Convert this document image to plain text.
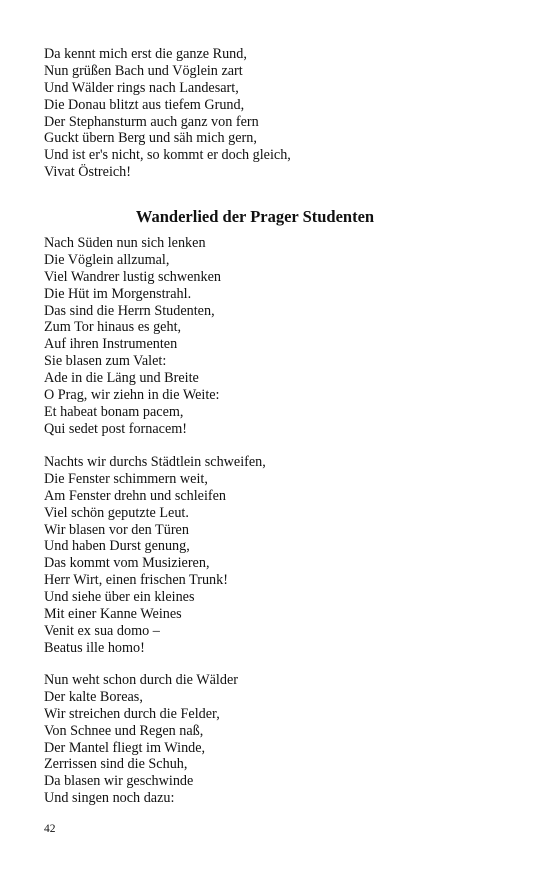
Da kennt mich erst die ganze Rund,
Nun grüßen Bach und Vöglein zart
Und Wälder rings nach Landesart,
Die Donau blitzt aus tiefem Grund,
Der Stephansturm auch ganz von fern
Guckt übern Berg und säh mich gern,
Und ist er's nicht, so kommt er doch gleich,
Vivat Östreich!
Wanderlied der Prager Studenten
Nach Süden nun sich lenken
Die Vöglein allzumal,
Viel Wandrer lustig schwenken
Die Hüt im Morgenstrahl.
Das sind die Herrn Studenten,
Zum Tor hinaus es geht,
Auf ihren Instrumenten
Sie blasen zum Valet:
Ade in die Läng und Breite
O Prag, wir ziehn in die Weite:
Et habeat bonam pacem,
Qui sedet post fornacem!
Nachts wir durchs Städtlein schweifen,
Die Fenster schimmern weit,
Am Fenster drehn und schleifen
Viel schön geputzte Leut.
Wir blasen vor den Türen
Und haben Durst genung,
Das kommt vom Musizieren,
Herr Wirt, einen frischen Trunk!
Und siehe über ein kleines
Mit einer Kanne Weines
Venit ex sua domo –
Beatus ille homo!
Nun weht schon durch die Wälder
Der kalte Boreas,
Wir streichen durch die Felder,
Von Schnee und Regen naß,
Der Mantel fliegt im Winde,
Zerrissen sind die Schuh,
Da blasen wir geschwinde
Und singen noch dazu:
42
